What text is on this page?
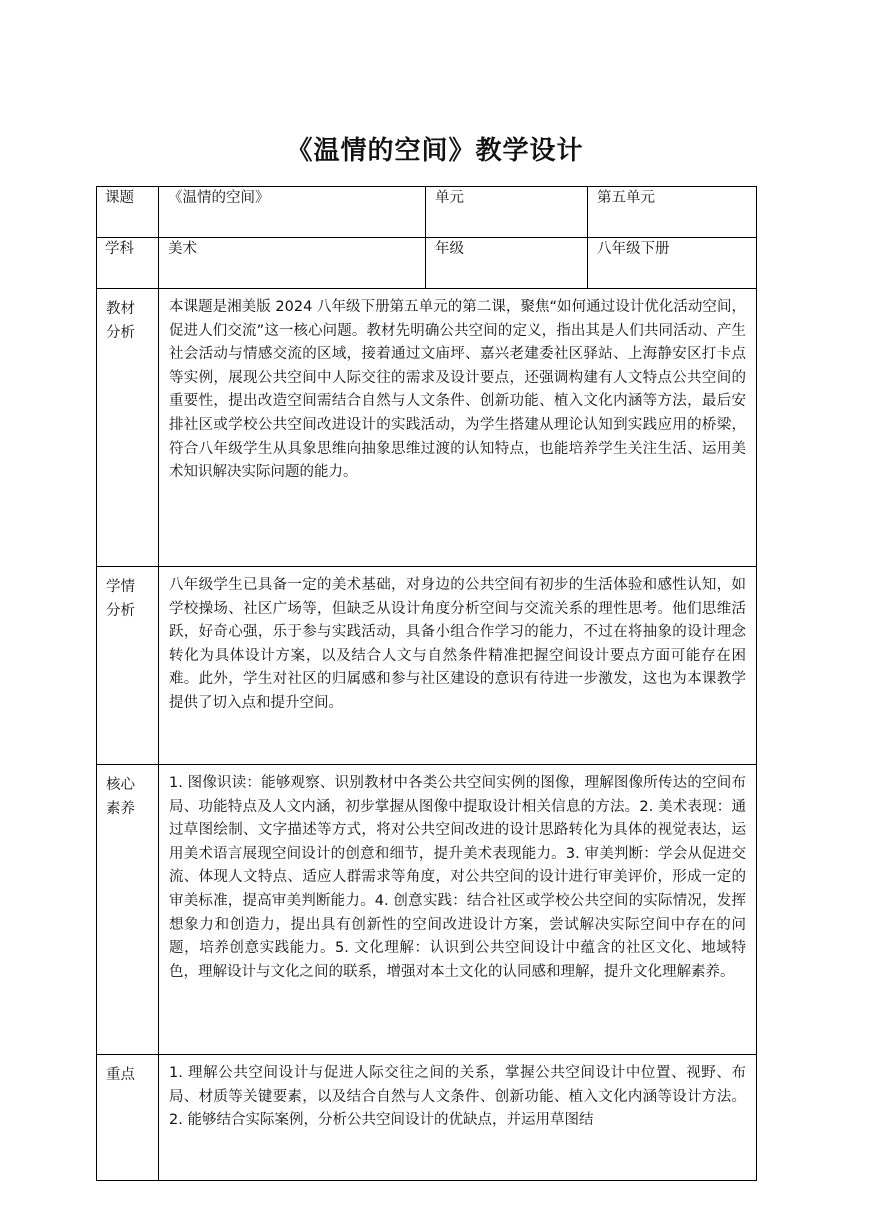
《温情的空间》教学设计
课题	《温情的空间》	单元	第五单元
学科	美术	年级	八年级下册

教材
分析	本课题是湘美版 2024 八年级下册第五单元的第二课，聚焦“如何通过设计优化活动空间，促进人们交流”这一核心问题。教材先明确公共空间的定义，指出其是人们共同活动、产生社会活动与情感交流的区域，接着通过文庙坪、嘉兴老建委社区驿站、上海静安区打卡点等实例，展现公共空间中人际交往的需求及设计要点，还强调构建有人文特点公共空间的重要性，提出改造空间需结合自然与人文条件、创新功能、植入文化内涵等方法，最后安排社区或学校公共空间改进设计的实践活动，为学生搭建从理论认知到实践应用的桥梁，符合八年级学生从具象思维向抽象思维过渡的认知特点，也能培养学生关注生活、运用美术知识解决实际问题的能力。		

学情
分析	八年级学生已具备一定的美术基础，对身边的公共空间有初步的生活体验和感性认知，如学校操场、社区广场等，但缺乏从设计角度分析空间与交流关系的理性思考。他们思维活跃，好奇心强，乐于参与实践活动，具备小组合作学习的能力，不过在将抽象的设计理念转化为具体设计方案，以及结合人文与自然条件精准把握空间设计要点方面可能存在困难。此外，学生对社区的归属感和参与社区建设的意识有待进一步激发，这也为本课教学提供了切入点和提升空间。		

核心
素养	1. 图像识读：能够观察、识别教材中各类公共空间实例的图像，理解图像所传达的空间布局、功能特点及人文内涵，初步掌握从图像中提取设计相关信息的方法。2. 美术表现：通过草图绘制、文字描述等方式，将对公共空间改进的设计思路转化为具体的视觉表达，运用美术语言展现空间设计的创意和细节，提升美术表现能力。3. 审美判断：学会从促进交流、体现人文特点、适应人群需求等角度，对公共空间的设计进行审美评价，形成一定的审美标准，提高审美判断能力。4. 创意实践：结合社区或学校公共空间的实际情况，发挥想象力和创造力，提出具有创新性的空间改进设计方案，尝试解决实际空间中存在的问题，培养创意实践能力。5. 文化理解：认识到公共空间设计中蕴含的社区文化、地域特色，理解设计与文化之间的联系，增强对本土文化的认同感和理解，提升文化理解素养。		

重点	1. 理解公共空间设计与促进人际交往之间的关系，掌握公共空间设计中位置、视野、布局、材质等关键要素，以及结合自然与人文条件、创新功能、植入文化内涵等设计方法。2. 能够结合实际案例，分析公共空间设计的优缺点，并运用草图结		
